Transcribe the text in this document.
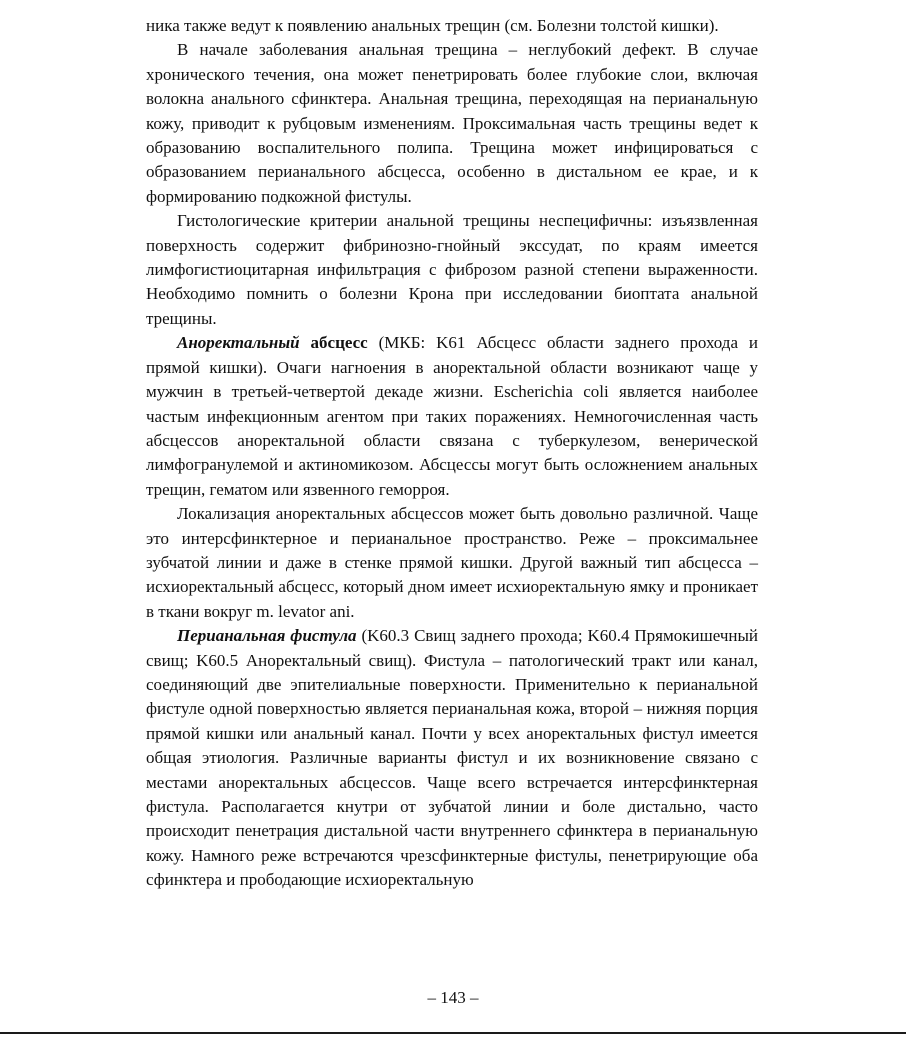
ника также ведут к появлению анальных трещин (см. Болезни толстой кишки).

В начале заболевания анальная трещина – неглубокий дефект. В случае хронического течения, она может пенетрировать более глубокие слои, включая волокна анального сфинктера. Анальная трещина, переходящая на перианальную кожу, приводит к рубцовым изменениям. Проксимальная часть трещины ведет к образованию воспалительного полипа. Трещина может инфицироваться с образованием перианального абсцесса, особенно в дистальном ее крае, и к формированию подкожной фистулы.

Гистологические критерии анальной трещины неспецифичны: изъязвленная поверхность содержит фибринозно-гнойный экссудат, по краям имеется лимфогистиоцитарная инфильтрация с фиброзом разной степени выраженности. Необходимо помнить о болезни Крона при исследовании биоптата анальной трещины.

Аноректальный абсцесс (МКБ: K61 Абсцесс области заднего прохода и прямой кишки). Очаги нагноения в аноректальной области возникают чаще у мужчин в третьей-четвертой декаде жизни. Escherichia coli является наиболее частым инфекционным агентом при таких поражениях. Немногочисленная часть абсцессов аноректальной области связана с туберкулезом, венерической лимфогранулемой и актиномикозом. Абсцессы могут быть осложнением анальных трещин, гематом или язвенного геморроя.

Локализация аноректальных абсцессов может быть довольно различной. Чаще это интерсфинктерное и перианальное пространство. Реже – проксимальнее зубчатой линии и даже в стенке прямой кишки. Другой важный тип абсцесса – исхиоректальный абсцесс, который дном имеет исхиоректальную ямку и проникает в ткани вокруг m. levator ani.

Перианальная фистула (K60.3 Свищ заднего прохода; K60.4 Прямокишечный свищ; K60.5 Аноректальный свищ). Фистула – патологический тракт или канал, соединяющий две эпителиальные поверхности. Применительно к перианальной фистуле одной поверхностью является перианальная кожа, второй – нижняя порция прямой кишки или анальный канал. Почти у всех аноректальных фистул имеется общая этиология. Различные варианты фистул и их возникновение связано с местами аноректальных абсцессов. Чаще всего встречается интерсфинктерная фистула. Располагается кнутри от зубчатой линии и боле дистально, часто происходит пенетрация дистальной части внутреннего сфинктера в перианальную кожу. Намного реже встречаются чрезсфинктерные фистулы, пенетрирующие оба сфинктера и прободающие исхиоректальную

– 143 –
